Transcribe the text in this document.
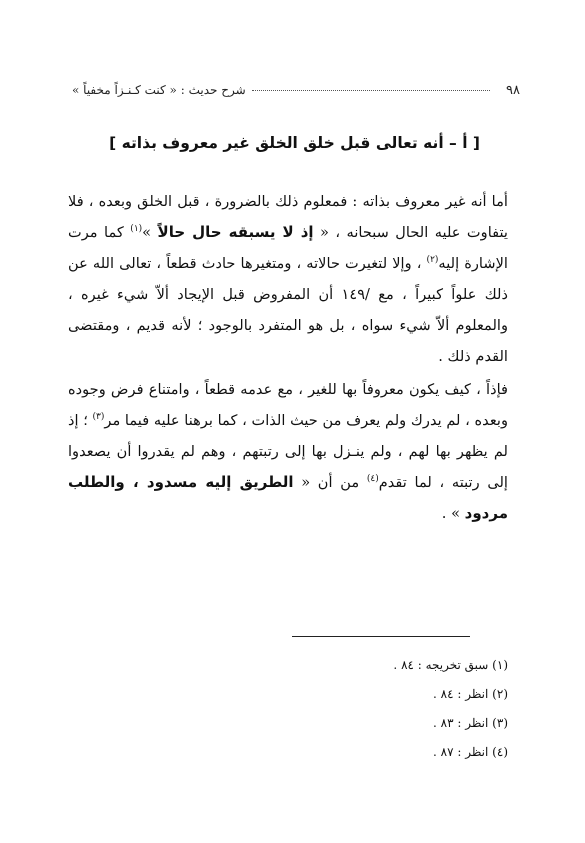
٩٨
شرح حديث : « كنت كـنـزاً مخفياً »
[ أ – أنه تعالى قبل خلق الخلق غير معروف بذاته ]

أما أنه غير معروف بذاته : فمعلوم ذلك بالضرورة ، قبل الخلق وبعده ، فلا يتفاوت عليه الحال سبحانه ، « إذ لا يسبقه حال حالاً »$^{(١)}$ كما مرت الإشارة إليه$^{(٢)}$ ، وإلا لتغيرت حالاته ، ومتغيرها حادث قطعاً ، تعالى الله عن ذلك علواً كبيراً ، مع /١٤٩ أن المفروض قبل الإيجاد ألاّ شيء غيره ، والمعلوم ألاّ شيء سواه ، بل هو المتفرد بالوجود ؛ لأنه قديم ، ومقتضى القدم ذلك .

فإذاً ، كيف يكون معروفاً بها للغير ، مع عدمه قطعاً ، وامتناع فرض وجوده وبعده ، لم يدرك ولم يعرف من حيث الذات ، كما برهنا عليه فيما مر$^{(٣)}$ ؛ إذ لم يظهر بها لهم ، ولم ينـزل بها إلى رتبتهم ، وهم لم يقدروا أن يصعدوا إلى رتبته ، لما تقدم$^{(٤)}$ من أن « الطريق إليه مسدود ، والطلب مردود » .

(١) سبق تخريجه : ٨٤ .
(٢) انظر : ٨٤ .
(٣) انظر : ٨٣ .
(٤) انظر : ٨٧ .
